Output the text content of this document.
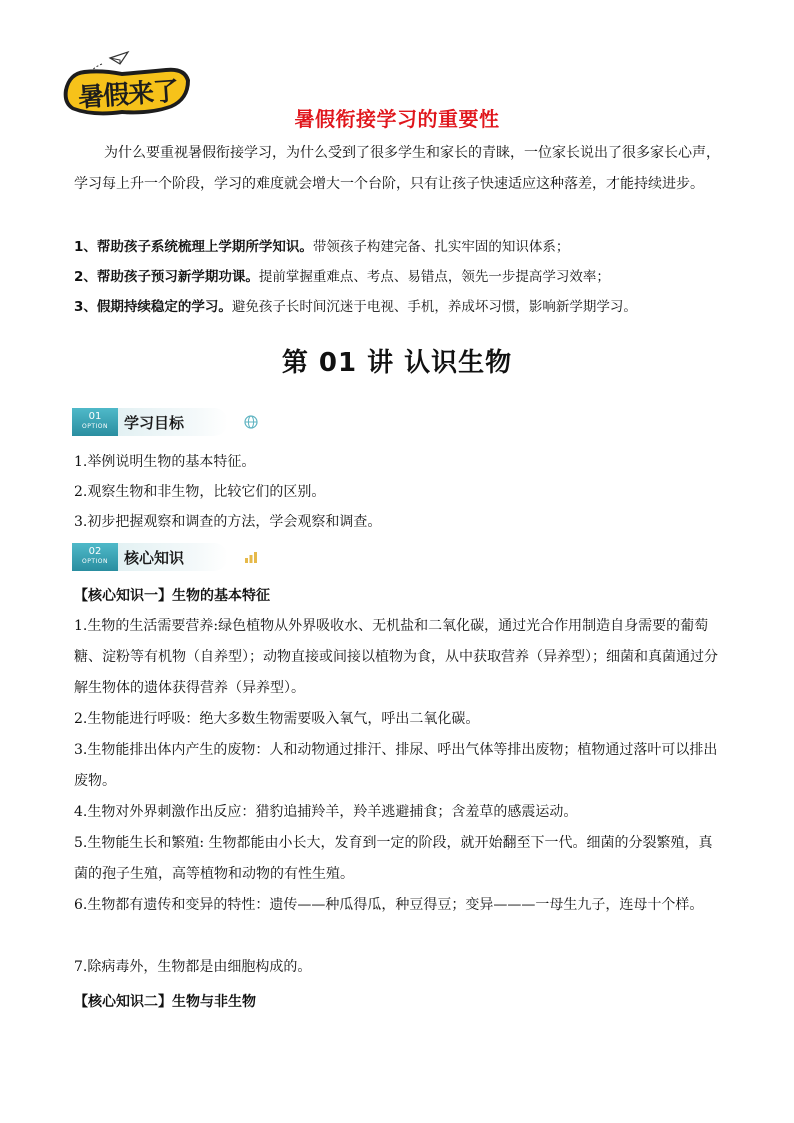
暑假来了
暑假衔接学习的重要性
为什么要重视暑假衔接学习，为什么受到了很多学生和家长的青睐，一位家长说出了很多家长心声，学习每上升一个阶段，学习的难度就会增大一个台阶，只有让孩子快速适应这种落差，才能持续进步。
1、帮助孩子系统梳理上学期所学知识。带领孩子构建完备、扎实牢固的知识体系；
2、帮助孩子预习新学期功课。提前掌握重难点、考点、易错点，领先一步提高学习效率；
3、假期持续稳定的学习。避免孩子长时间沉迷于电视、手机，养成坏习惯，影响新学期学习。
第 01 讲 认识生物
01
OPTION	学习目标
1.举例说明生物的基本特征。
2.观察生物和非生物，比较它们的区别。
3.初步把握观察和调查的方法，学会观察和调查。
02
OPTION	核心知识
【核心知识一】生物的基本特征
1.生物的生活需要营养:绿色植物从外界吸收水、无机盐和二氧化碳，通过光合作用制造自身需要的葡萄糖、淀粉等有机物（自养型）；动物直接或间接以植物为食，从中获取营养（异养型）；细菌和真菌通过分解生物体的遗体获得营养（异养型）。
2.生物能进行呼吸：绝大多数生物需要吸入氧气，呼出二氧化碳。
3.生物能排出体内产生的废物：人和动物通过排汗、排尿、呼出气体等排出废物；植物通过落叶可以排出废物。
4.生物对外界刺激作出反应：猎豹追捕羚羊，羚羊逃避捕食；含羞草的感震运动。
5.生物能生长和繁殖: 生物都能由小长大，发育到一定的阶段，就开始翻至下一代。细菌的分裂繁殖，真菌的孢子生殖，高等植物和动物的有性生殖。
6.生物都有遗传和变异的特性：遗传——种瓜得瓜，种豆得豆；变异———一母生九子，连母十个样。
7.除病毒外，生物都是由细胞构成的。
【核心知识二】生物与非生物
